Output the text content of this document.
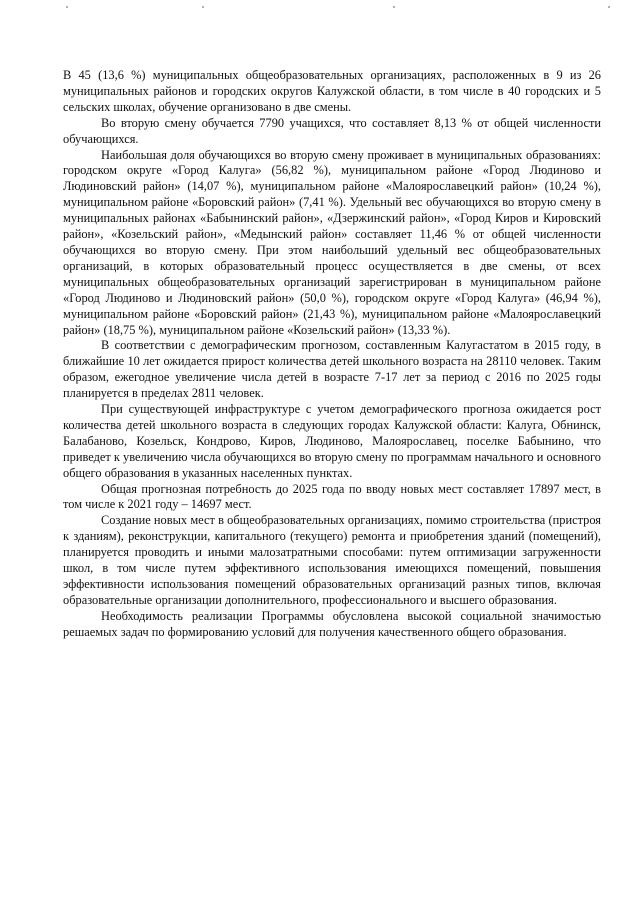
В 45 (13,6 %) муниципальных общеобразовательных организациях, расположенных в 9 из 26 муниципальных районов и городских округов Калужской области, в том числе в 40 городских и 5 сельских школах, обучение организовано в две смены.

Во вторую смену обучается 7790 учащихся, что составляет 8,13 % от общей численности обучающихся.

Наибольшая доля обучающихся во вторую смену проживает в муниципальных образованиях: городском округе «Город Калуга» (56,82 %), муниципальном районе «Город Людиново и Людиновский район» (14,07 %), муниципальном районе «Малоярославецкий район» (10,24 %), муниципальном районе «Боровский район» (7,41 %). Удельный вес обучающихся во вторую смену в муниципальных районах «Бабынинский район», «Дзержинский район», «Город Киров и Кировский район», «Козельский район», «Медынский район» составляет 11,46 % от общей численности обучающихся во вторую смену. При этом наибольший удельный вес общеобразовательных организаций, в которых образовательный процесс осуществляется в две смены, от всех муниципальных общеобразовательных организаций зарегистрирован в муниципальном районе «Город Людиново и Людиновский район» (50,0 %), городском округе «Город Калуга» (46,94 %), муниципальном районе «Боровский район» (21,43 %), муниципальном районе «Малоярославецкий район» (18,75 %), муниципальном районе «Козельский район» (13,33 %).

В соответствии с демографическим прогнозом, составленным Калугастатом в 2015 году, в ближайшие 10 лет ожидается прирост количества детей школьного возраста на 28110 человек. Таким образом, ежегодное увеличение числа детей в возрасте 7-17 лет за период с 2016 по 2025 годы планируется в пределах 2811 человек.

При существующей инфраструктуре с учетом демографического прогноза ожидается рост количества детей школьного возраста в следующих городах Калужской области: Калуга, Обнинск, Балабаново, Козельск, Кондрово, Киров, Людиново, Малоярославец, поселке Бабынино, что приведет к увеличению числа обучающихся во вторую смену по программам начального и основного общего образования в указанных населенных пунктах.

Общая прогнозная потребность до 2025 года по вводу новых мест составляет 17897 мест, в том числе к 2021 году – 14697 мест.

Создание новых мест в общеобразовательных организациях, помимо строительства (пристроя к зданиям), реконструкции, капитального (текущего) ремонта и приобретения зданий (помещений), планируется проводить и иными малозатратными способами: путем оптимизации загруженности школ, в том числе путем эффективного использования имеющихся помещений, повышения эффективности использования помещений образовательных организаций разных типов, включая образовательные организации дополнительного, профессионального и высшего образования.

Необходимость реализации Программы обусловлена высокой социальной значимостью решаемых задач по формированию условий для получения качественного общего образования.
